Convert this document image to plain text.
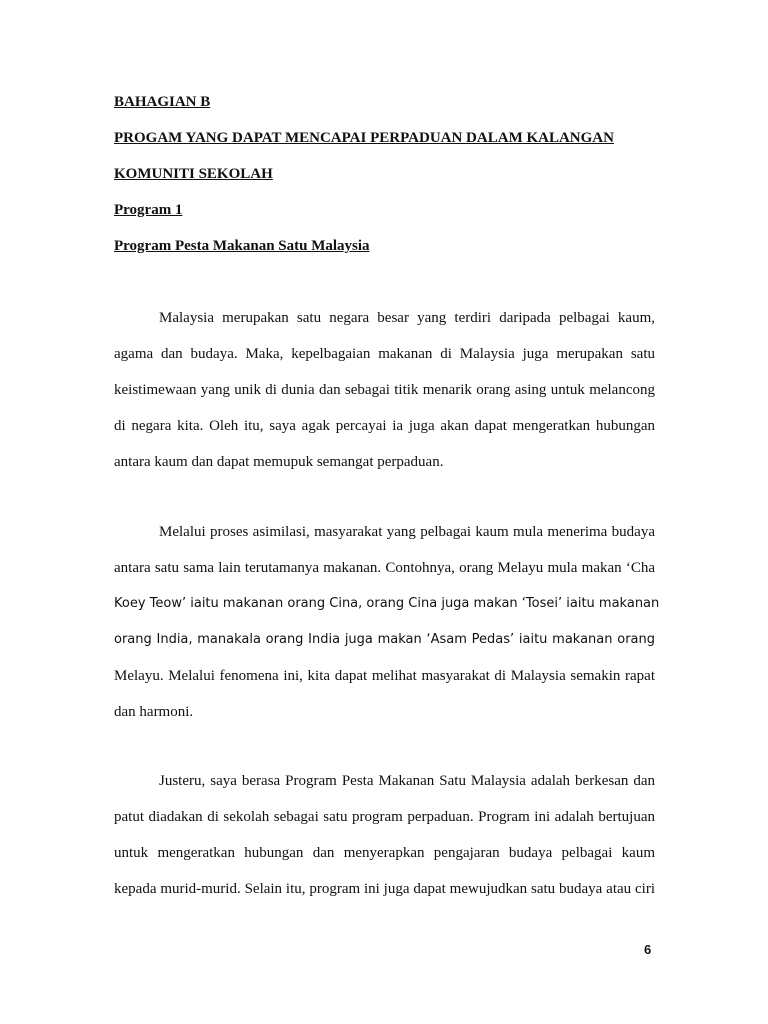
BAHAGIAN B

PROGAM YANG DAPAT MENCAPAI PERPADUAN DALAM KALANGAN

KOMUNITI SEKOLAH

Program 1

Program Pesta Makanan Satu Malaysia

Malaysia merupakan satu negara besar yang terdiri daripada pelbagai kaum,
agama dan budaya. Maka, kepelbagaian makanan di Malaysia juga merupakan satu
keistimewaan yang unik di dunia dan sebagai titik menarik orang asing untuk melancong
di negara kita. Oleh itu, saya agak percayai ia juga akan dapat mengeratkan hubungan
antara kaum dan dapat memupuk semangat perpaduan.
Melalui proses asimilasi, masyarakat yang pelbagai kaum mula menerima budaya
antara satu sama lain terutamanya makanan. Contohnya, orang Melayu mula makan ‘Cha
Koey Teow’ iaitu makanan orang Cina, orang Cina juga makan ‘Tosei’ iaitu makanan
orang India, manakala orang India juga makan ‘Asam Pedas’ iaitu makanan orang
Melayu. Melalui fenomena ini, kita dapat melihat masyarakat di Malaysia semakin rapat
dan harmoni.
Justeru, saya berasa Program Pesta Makanan Satu Malaysia adalah berkesan dan
patut diadakan di sekolah sebagai satu program perpaduan. Program ini adalah bertujuan
untuk mengeratkan hubungan dan menyerapkan pengajaran budaya pelbagai kaum
kepada murid-murid. Selain itu, program ini juga dapat mewujudkan satu budaya atau ciri
6
